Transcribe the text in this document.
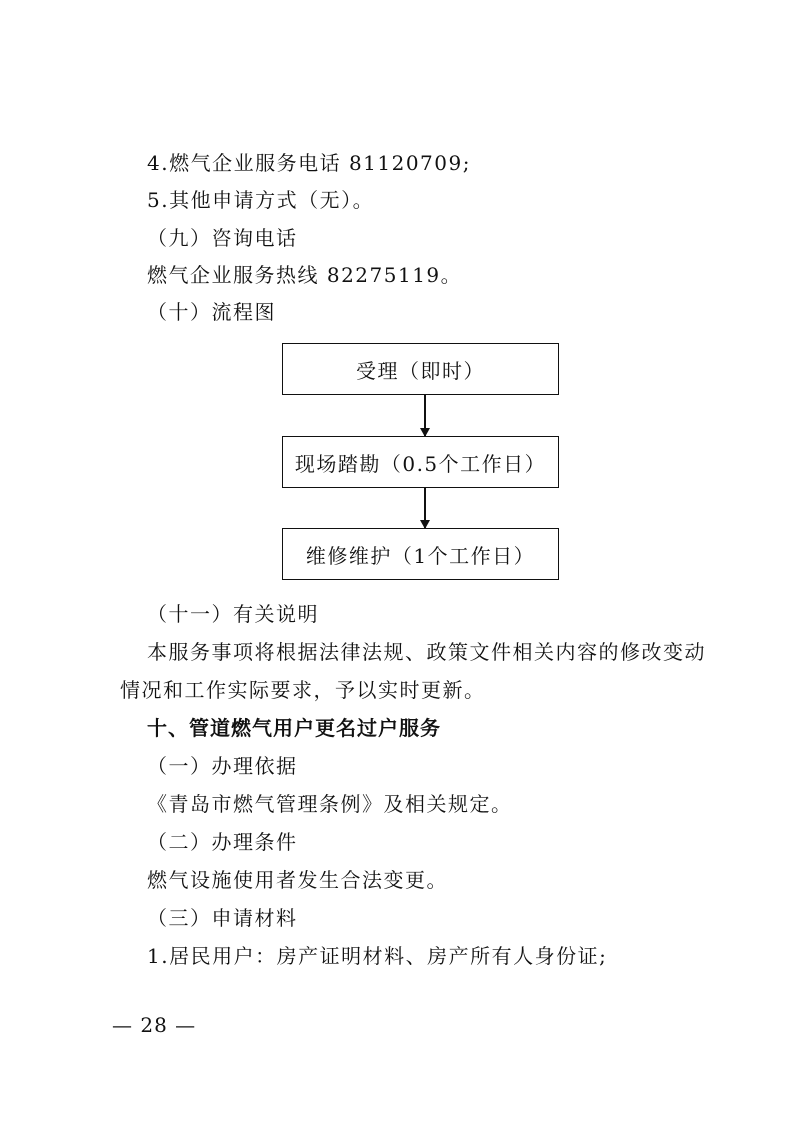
4.燃气企业服务电话 81120709;
5.其他申请方式（无）。
（九）咨询电话
燃气企业服务热线 82275119。
（十）流程图
受理（即时）
现场踏勘（0.5个工作日）
维修维护（1个工作日）
（十一）有关说明
本服务事项将根据法律法规、政策文件相关内容的修改变动
情况和工作实际要求，予以实时更新。
十、管道燃气用户更名过户服务
（一）办理依据
《青岛市燃气管理条例》及相关规定。
（二）办理条件
燃气设施使用者发生合法变更。
（三）申请材料
1.居民用户：房产证明材料、房产所有人身份证;
— 28 —
